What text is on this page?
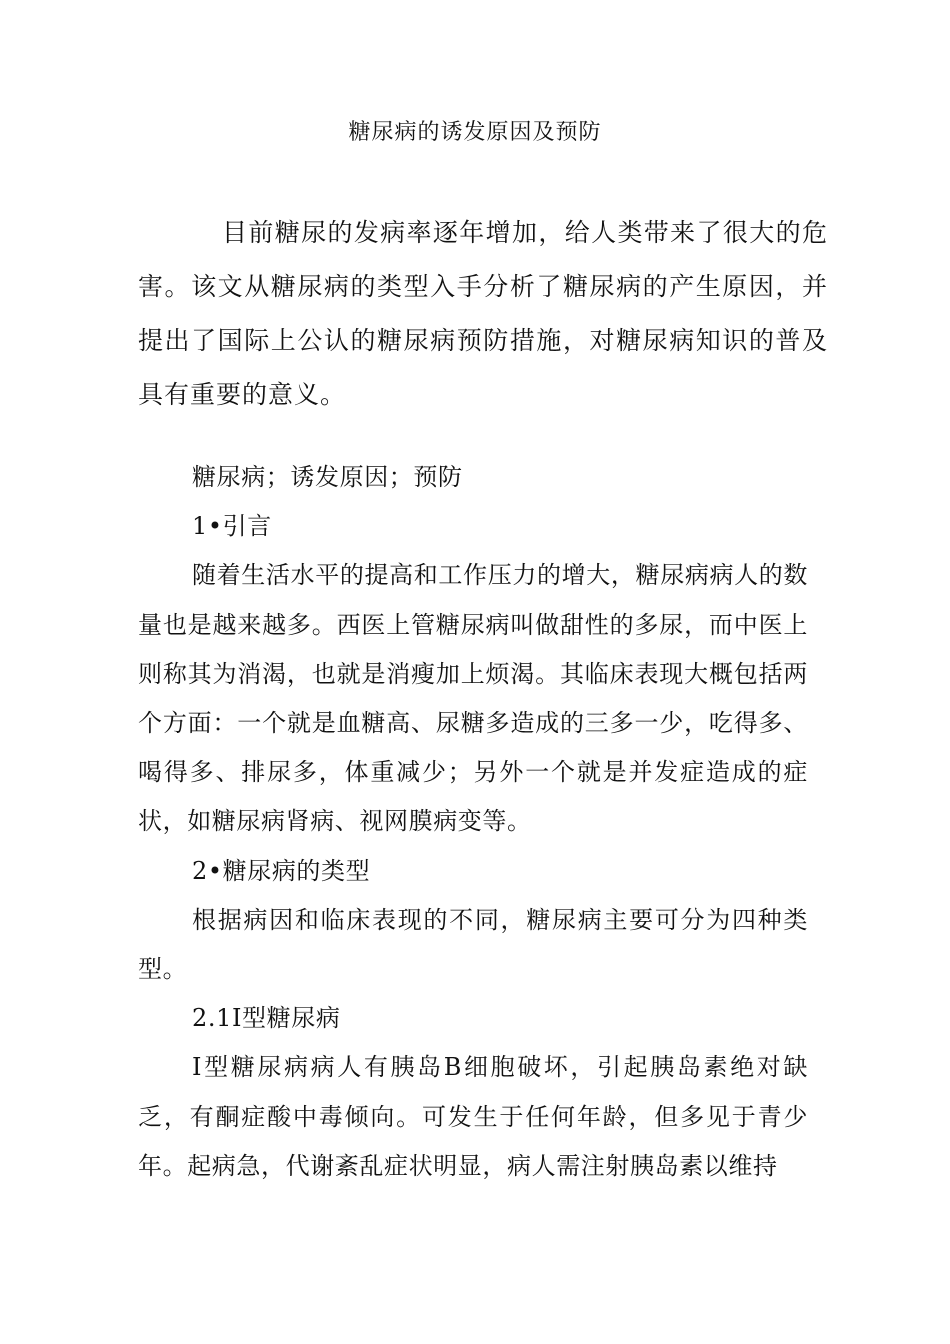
糖尿病的诱发原因及预防

目前糖尿的发病率逐年增加，给人类带来了很大的危害。该文从糖尿病的类型入手分析了糖尿病的产生原因，并提出了国际上公认的糖尿病预防措施，对糖尿病知识的普及具有重要的意义。

糖尿病；诱发原因；预防

1•引言

随着生活水平的提高和工作压力的增大，糖尿病病人的数量也是越来越多。西医上管糖尿病叫做甜性的多尿，而中医上则称其为消渴，也就是消瘦加上烦渴。其临床表现大概包括两个方面：一个就是血糖高、尿糖多造成的三多一少，吃得多、喝得多、排尿多，体重减少；另外一个就是并发症造成的症状，如糖尿病肾病、视网膜病变等。

2•糖尿病的类型

根据病因和临床表现的不同，糖尿病主要可分为四种类型。

2.1I型糖尿病

I型糖尿病病人有胰岛B细胞破坏，引起胰岛素绝对缺乏，有酮症酸中毒倾向。可发生于任何年龄，但多见于青少年。起病急，代谢紊乱症状明显，病人需注射胰岛素以维持
